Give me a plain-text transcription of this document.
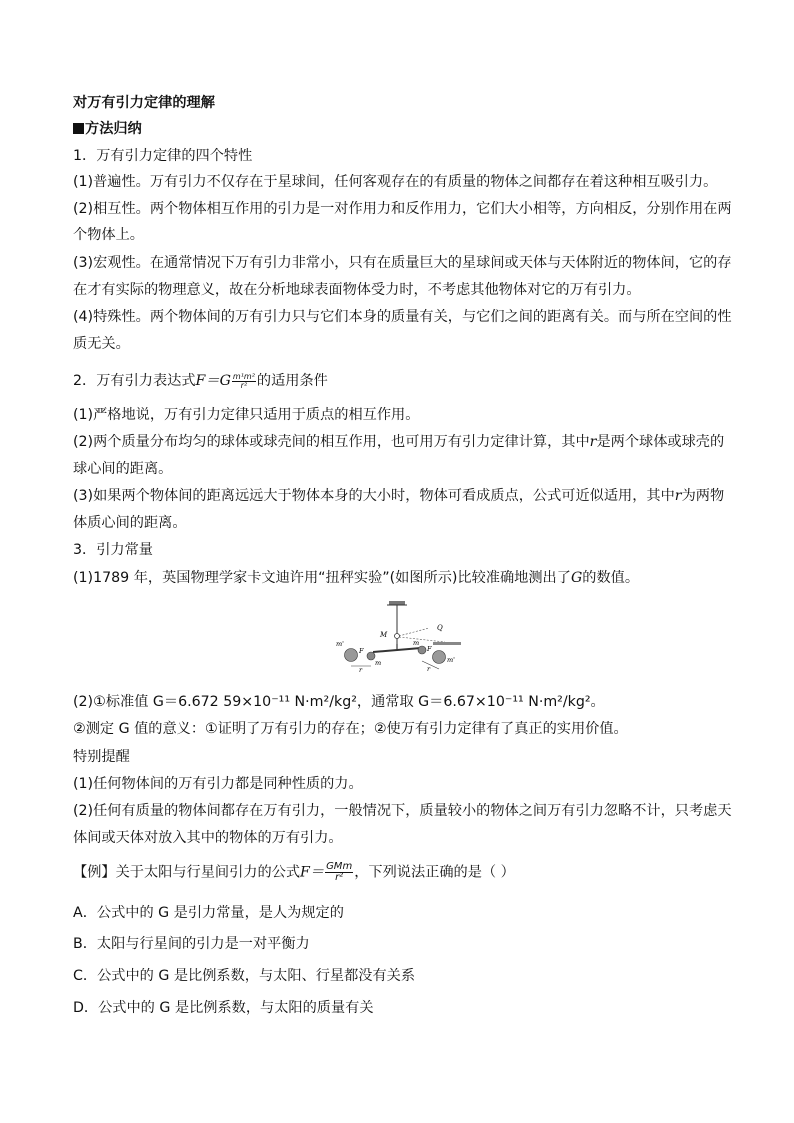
对万有引力定律的理解
方法归纳
1．万有引力定律的四个特性
(1)普遍性。万有引力不仅存在于星球间，任何客观存在的有质量的物体之间都存在着这种相互吸引力。
(2)相互性。两个物体相互作用的引力是一对作用力和反作用力，它们大小相等，方向相反，分别作用在两
个物体上。
(3)宏观性。在通常情况下万有引力非常小，只有在质量巨大的星球间或天体与天体附近的物体间，它的存
在才有实际的物理意义，故在分析地球表面物体受力时，不考虑其他物体对它的万有引力。
(4)特殊性。两个物体间的万有引力只与它们本身的质量有关，与它们之间的距离有关。而与所在空间的性
质无关。
2．万有引力表达式$F=G \frac{\text{m¹m²}}{\text{r²}}$ 的适用条件
(1)严格地说，万有引力定律只适用于质点的相互作用。
(2)两个质量分布均匀的球体或球壳间的相互作用，也可用万有引力定律计算，其中r是两个球体或球壳的
球心间的距离。
(3)如果两个物体间的距离远远大于物体本身的大小时，物体可看成质点，公式可近似适用，其中r为两物
体质心间的距离。
3．引力常量
(1)1789 年，英国物理学家卡文迪许用“扭秤实验”(如图所示)比较准确地测出了G的数值。
M
Q
m'
m'
F	F
m
m
r	r
(2)①标准值 G＝6.672 59×10⁻¹¹ N·m²/kg²，通常取 G＝6.67×10⁻¹¹ N·m²/kg²。
②测定 G 值的意义：①证明了万有引力的存在；②使万有引力定律有了真正的实用价值。
特别提醒
(1)任何物体间的万有引力都是同种性质的力。
(2)任何有质量的物体间都存在万有引力，一般情况下，质量较小的物体之间万有引力忽略不计，只考虑天
体间或天体对放入其中的物体的万有引力。
【例】关于太阳与行星间引力的公式$F= \frac{\text{GMm}}{\text{r²}}$ ，下列说法正确的是（ ）
A．公式中的 G 是引力常量，是人为规定的
B．太阳与行星间的引力是一对平衡力
C．公式中的 G 是比例系数，与太阳、行星都没有关系
D．公式中的 G 是比例系数，与太阳的质量有关
